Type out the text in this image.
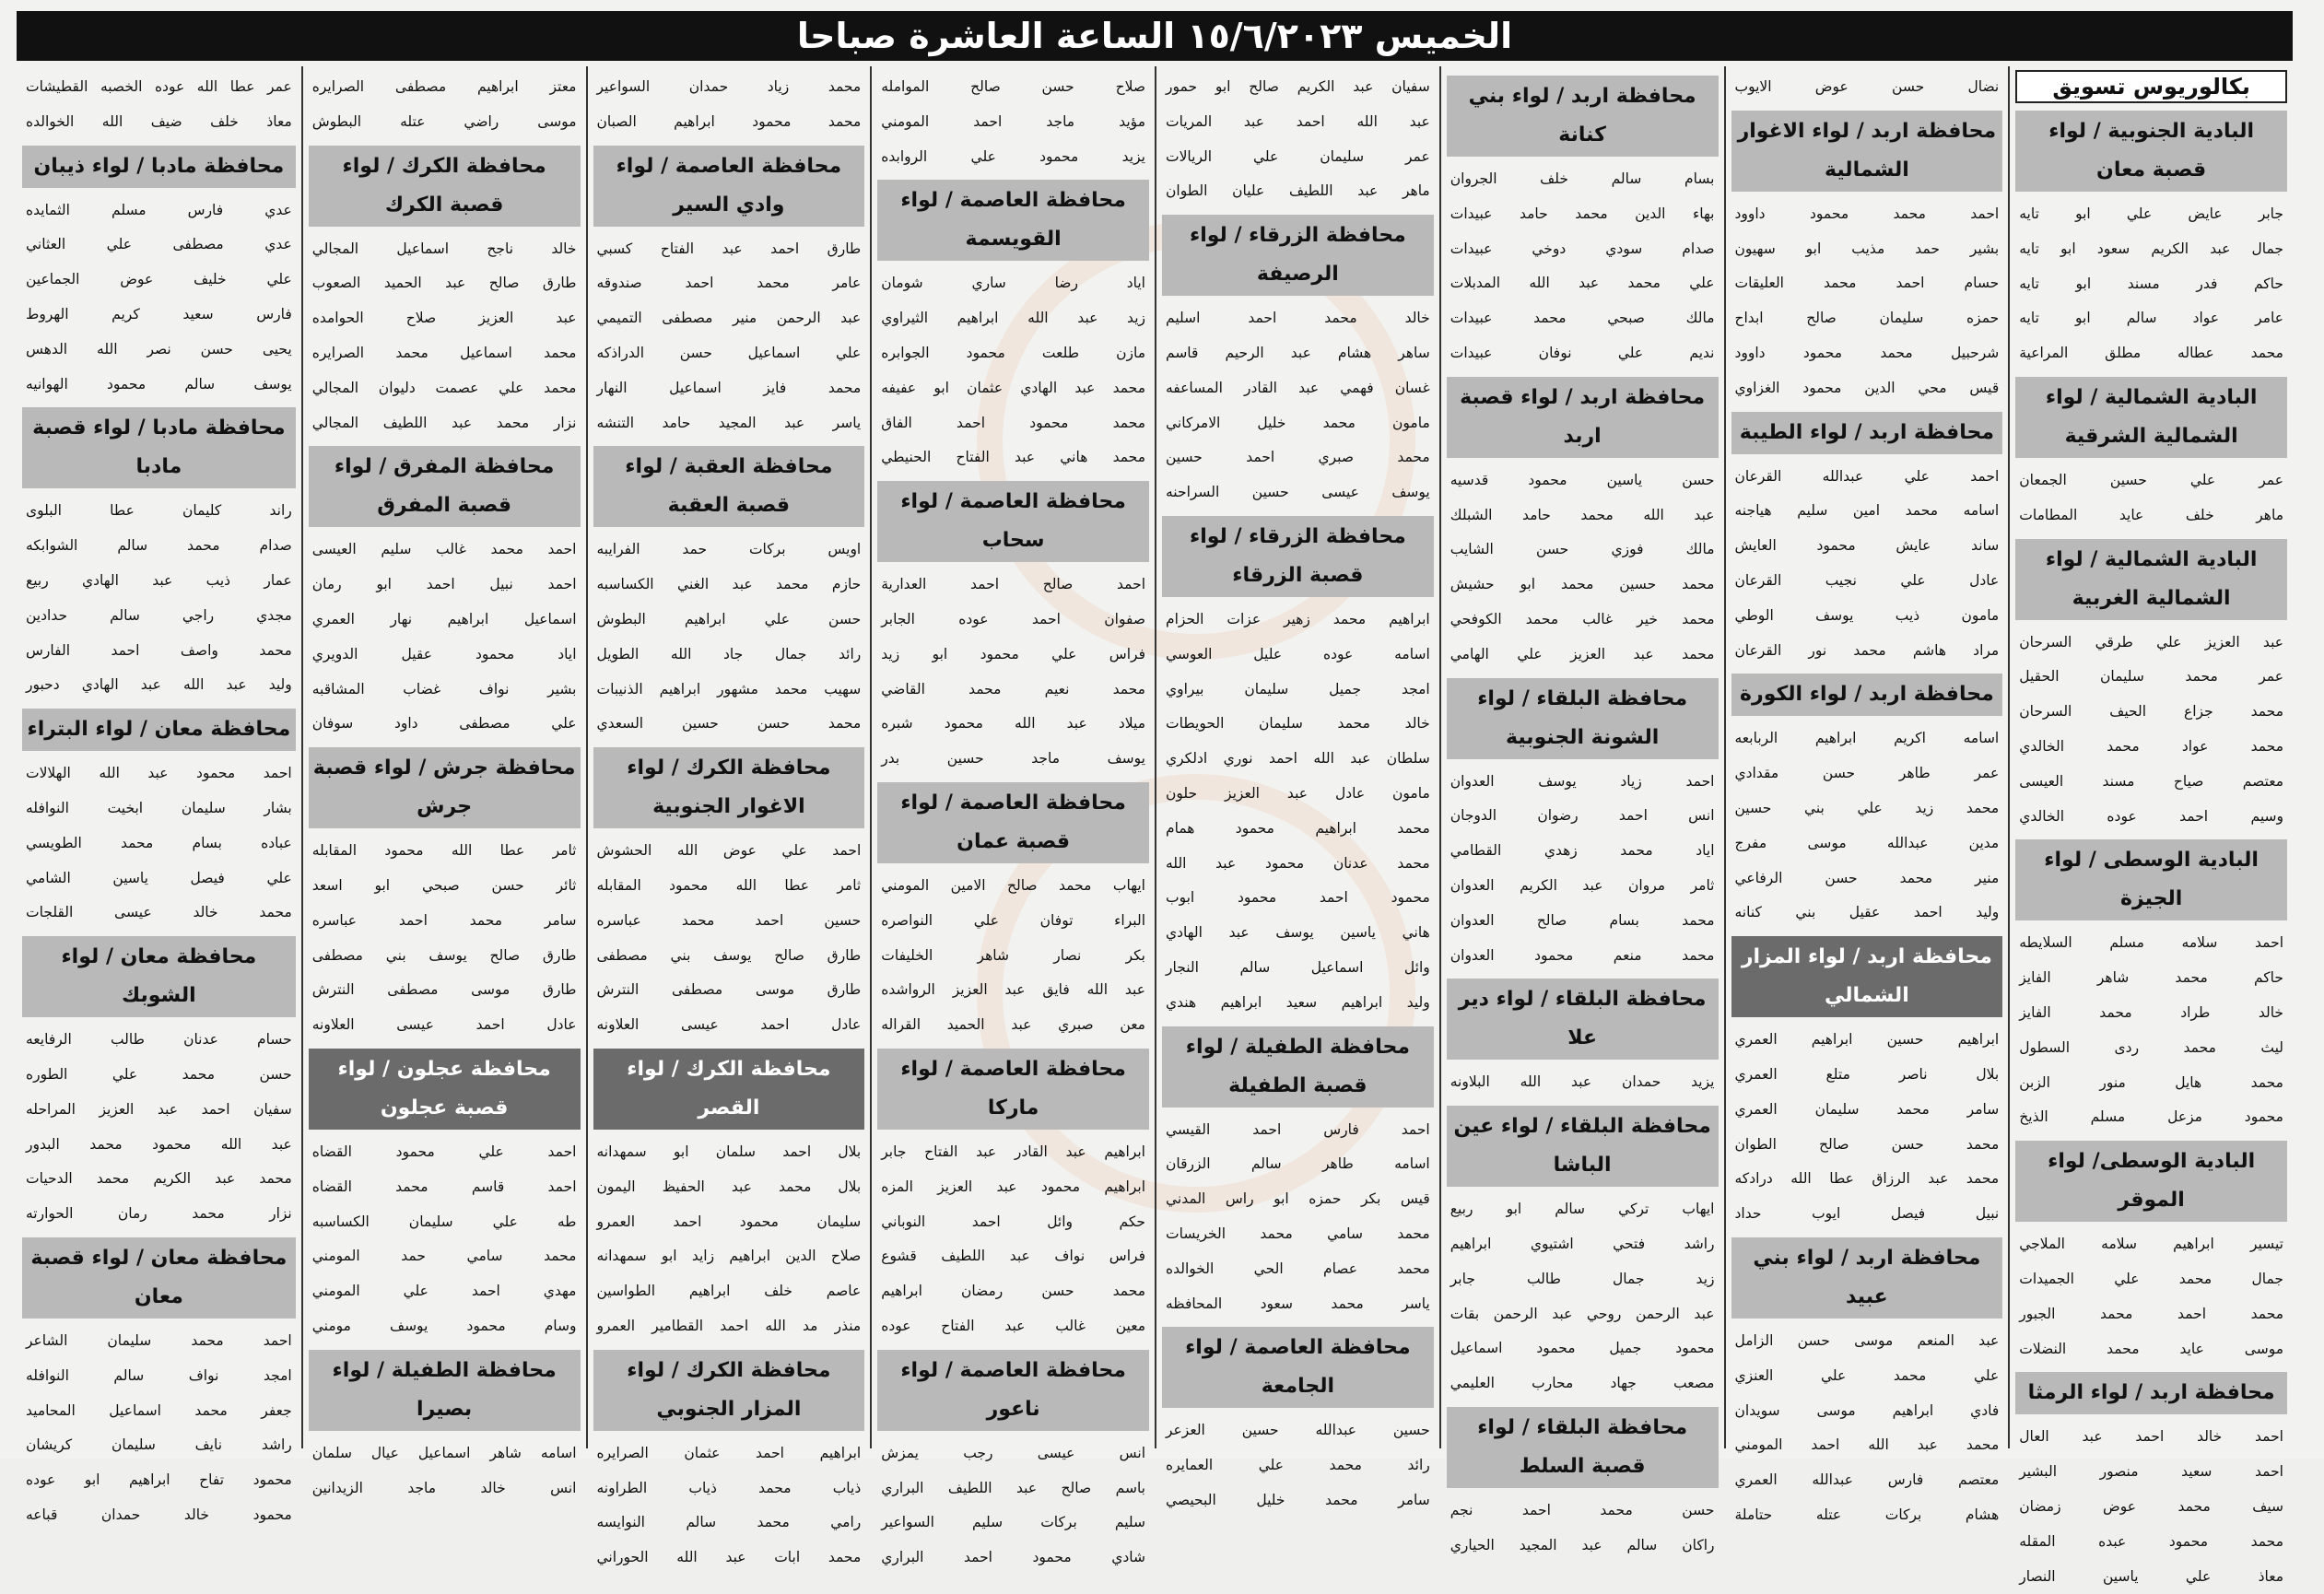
الخميس ١٥/٦/٢٠٢٣ الساعة العاشرة صباحا
بكالوريوس تسويق
البادية الجنوبية / لواء قصبة معان
جابر عايض علي ابو تايه
جمال عبد الكريم سعود ابو تايه
حاكم فدر مسند ابو تايه
عامر عواد سالم ابو تايه
محمد عطاله مطلق المراعية
البادية الشمالية / لواء الشمالية الشرقية
عمر علي حسين الجمعان
ماهر خلف عايد المطامات
البادية الشمالية / لواء الشمالية الغربية
عبد العزيز علي طرقي السرحان
عمر محمد سليمان الحقيل
محمد جزاع الحيف السرحان
محمد عواد محمد الخالدي
معتصم صياح مسند العيسى
وسيم احمد عوده الخالدي
البادية الوسطى / لواء الجيزة
احمد سلامه مسلم السلايطه
حاكم محمد شاهر الفايز
خالد طراد محمد الفايز
ليث محمد ردى السطول
محمد هايل منور الزبن
محمود مزعل مسلم الذيخ
البادية الوسطى/ لواء الموقر
تيسير ابراهيم سلامه الملاجي
جمال محمد علي الجميدات
محمد احمد محمد الجبور
موسى عايد محمد النضلات
محافظة اربد / لواء الرمثا
احمد خالد احمد عبد العال
احمد سعيد منصور البشير
سيف محمد عوض زمضان
محمد محمود عبده المقله
معاذ علي ياسين النصار
نضال حسن عوض الايوب
محافظة اربد / لواء الاغوار الشمالية
احمد محمد محمود داوود
بشير حمد مذيب ابو سهيون
حسام احمد محمد العليقات
حمزه سليمان صالح ابداح
شرحبيل محمد محمود داوود
قيس محي الدين محمود الغزاوي
محافظة اربد / لواء الطيبة
احمد علي عبدالله القرعان
اسامه محمد امين سليم هياجنه
ساند عايش محمود العايش
عادل علي نجيب القرعان
مامون ذيب يوسف الوطي
مراد هاشم محمد نور القرعان
محافظة اربد / لواء الكورة
اسامه اكريم ابراهيم الربابعه
عمر طاهر حسن مقدادي
محمد زيد علي بني حسين
مدين عبدالله موسى مفرج
منير محمد حسن الرفاعي
وليد احمد عقيل بني كنانه
محافظة اربد / لواء المزار الشمالي
ابراهيم حسين ابراهيم العمري
بلال ناصر متلع العمري
سامر محمد سليمان العمري
محمد حسن صالح الطوان
محمد عبد الرزاق عطا الله درادكه
نبيل فيصل ايوب حداد
محافظة اربد / لواء بني عبيد
عبد المنعم موسى حسن الزامل
علي محمد علي العنزي
فادي ابراهيم موسى سويدان
محمد عبد الله احمد المومني
معتصم فارس عبدالله العمري
هشام بركات عتله حتاملة
محافظة اربد / لواء بني كنانة
بسام سالم خلف الجروان
بهاء الدين محمد حامد عبيدات
صدام سودي دوخي عبيدات
علي محمد عبد الله المدبلات
مالك صبحي محمد عبيدات
نديم علي نوفان عبيدات
محافظة اربد / لواء قصبة اربد
حسن ياسين محمود قدسيه
عبد الله محمد حامد الشبلك
مالك فوزي حسن الشايب
محمد حسين محمد ابو حشيش
محمد خير غالب محمد الكوفحي
محمد عبد العزيز علي الهامي
محافظة البلقاء / لواء الشونة الجنوبية
احمد زياد يوسف العدوان
انس احمد رضوان الدوجان
اياد محمد زهدي القطامي
ثامر مروان عبد الكريم العدوان
محمد بسام صالح العدوان
محمد منعم محمود العدوان
محافظة البلقاء / لواء دير علا
يزيد حمدان عبد الله البلاونه
محافظة البلقاء / لواء عين الباشا
ايهاب تركي سالم ابو ربيع
راشد فتحي اشتيوي ابراهيم
زيد جمال طالب جابر
عبد الرحمن روحي عبد الرحمن بقات
محمود جميل محمود اسماعيل
مصعب جهاد محارب العليمي
محافظة البلقاء / لواء قصبة السلط
حسن محمد احمد نجم
راكان سالم عبد المجيد الحياري
سفيان عبد الكريم صالح ابو حمور
عبد الله احمد عبد المريات
عمر سليمان علي الريالات
ماهر عبد اللطيف عليان الطوان
محافظة الزرقاء / لواء الرصيفة
خالد محمد احمد اسليم
ساهر هشام عبد الرحيم قاسم
غسان فهمي عبد القادر المساعفه
مامون محمد خليل الامركاني
محمد صبري احمد حسين
يوسف عيسى حسين السراحنه
محافظة الزرقاء / لواء قصبة الزرقاء
ابراهيم محمد زهير عزات الحزام
اسامه عوده عليل العوسي
امجد جميل سليمان بيراوي
خالد محمد سليمان الحويطات
سلطان عبد الله احمد نوري ادلكري
مامون عادل عبد العزيز حلون
محمد ابراهيم محمود همام
محمد عدنان محمود عبد الله
محمود احمد محمود ابوب
هاني ياسين يوسف عبد الهادي
وائل اسماعيل سالم النجار
وليد ابراهيم سعيد ابراهيم هندي
محافظة الطفيلة / لواء قصبة الطفيلة
احمد فارس احمد القيسي
اسامه طاهر سالم الزرقان
قيس بكر حمزه ابو راس المدني
محمد سامي محمد الخريسات
محمد عصام الحي الخوالده
ياسر محمد سعود المحافظه
محافظة العاصمة / لواء الجامعة
حسين عبدالله حسين العزعر
رائد محمد علي العمايره
سامر محمد خليل البحيصي
صلاح حسن صالح الموامله
مؤيد ماجد احمد المومني
يزيد محمود علي الروابده
محافظة العاصمة / لواء القويسمة
اياد رضا ساري شومان
زيد عبد الله ابراهيم الثيراوي
مازن طلعت محمود الجوابره
محمد عبد الهادي عثمان ابو عفيفه
محمد محمود احمد الفاق
محمد هاني عبد الفتاح الحنيطي
محافظة العاصمة / لواء سحاب
احمد صالح احمد العدارية
صفوان احمد عوده الجابر
فراس علي محمود ابو زيد
محمد نعيم محمد القاضي
ميلاد عبد الله محمود شبره
يوسف ماجد حسين بدر
محافظة العاصمة / لواء قصبة عمان
ايهاب محمد صالح الامين المومني
البراء توفان علي النواصره
بكر نصار شاهر الخليفات
عبد الله فايق عبد العزيز الرواشده
معن صبري عبد الحميد القراله
محافظة العاصمة / لواء ماركا
ابراهيم عبد القادر عبد الفتاح جابر
ابراهيم محمود عبد العزيز المزه
حكم وائل احمد النوباني
فراس نواف عبد اللطيف قشوع
محمد حسن رمضان ابراهيم
معين غالب عبد الفتاح عوده
محافظة العاصمة / لواء ناعور
انس عيسى رجب يمزش
باسم صالح عبد اللطيف البراري
سليم بركات سليم السواعير
شادي محمود احمد البراري
محمد زياد حمدان السواعير
محمد محمود ابراهيم الصبان
محافظة العاصمة / لواء وادي السير
طارق احمد عبد الفتاح كسبي
عامر محمد احمد صندوقه
عبد الرحمن منير مصطفى التميمي
علي اسماعيل حسن الدراذكه
محمد فايز اسماعيل النهار
ياسر عبد المجيد حامد التنشه
محافظة العقبة / لواء قصبة العقبة
اويس بركات حمد الفرايبه
حازم محمد عبد الغني الكساسبه
حسن علي ابراهيم البطوش
رائد جمال جاد الله الطويل
سهيب محمد مشهور ابراهيم الذنيبات
محمد حسن حسين السعدي
محافظة الكرك / لواء الاغوار الجنوبية
احمد علي عوض الله الحشوش
ثامر عطا الله محمود المقابله
حسين احمد محمد عباسره
طارق صالح يوسف بني مصطفى
طارق موسى مصطفى النترش
عادل احمد عيسى العلاونه
محافظة الكرك / لواء القصر
بلال احمد سلمان ابو سمهدانه
بلال محمد عبد الحفيظ اليمون
سليمان محمود احمد العمرو
صلاح الدين ابراهيم زايد ابو سمهدانه
عاصم خلف ابراهيم الطواسين
منذر مد الله احمد القطامير العمرو
محافظة الكرك / لواء المزار الجنوبي
ابراهيم احمد عثمان الصرايره
ذياب محمد ذياب الطراونه
رامي محمد سالم النوايسه
محمد ابات عبد الله الحوراني
معتز ابراهيم مصطفى الصرايره
موسى راضي عتله البطوش
محافظة الكرك / لواء قصبة الكرك
خالد ناجح اسماعيل المجالي
طارق صالح عبد الحميد الصعوب
عبد العزيز صلاح الحوامده
محمد اسماعيل محمد الصرايره
محمد علي عصمت دليوان المجالي
نزار محمد عبد اللطيف المجالي
محافظة المفرق / لواء قصبة المفرق
احمد محمد غالب سليم العيسى
احمد نبيل احمد ابو رمان
اسماعيل ابراهيم نهار العمري
اياد محمود عقيل الدويري
بشير نواف غضاب المشاقبه
علي مصطفى داود سوفان
محافظة جرش / لواء قصبة جرش
ثامر عطا الله محمود المقابله
ثائر حسن صبحي ابو اسعد
سامر محمد احمد عباسره
طارق صالح يوسف بني مصطفى
طارق موسى مصطفى النترش
عادل احمد عيسى العلاونه
محافظة عجلون / لواء قصبة عجلون
احمد علي محمود القضاه
احمد قاسم محمد القضاه
طه علي سليمان الكساسبه
محمد سامي حمد المومني
مهدي احمد علي المومني
وسام محمود يوسف مومني
محافظة الطفيلة / لواء بصيرا
اسامه شاهر اسماعيل عيال سلمان
انس خالد ماجد الزيدانين
عمر عطا الله عوده الخصبه القطيشات
معاذ خلف ضيف الله الخوالده
محافظة مادبا / لواء ذيبان
عدي فارس مسلم الثمايده
عدي مصطفى علي العثاني
علي خليف عوض الجماعين
فارس سعيد كريم الهروط
يحيى حسن نصر الله الدهس
يوسف سالم محمود الهوانيه
محافظة مادبا / لواء قصبة مادبا
راند كليمان عطا البلوى
صدام محمد سالم الشوابكه
عمار ذيب عبد الهادي ربيع
مجدي راجي سالم حدادين
محمد واصف احمد الفارس
وليد عبد الله عبد الهادي دحبور
محافظة معان / لواء البتراء
احمد محمود عبد الله الهلالات
بشار سليمان ابخيت النوافله
عباده بسام محمد الطويسي
علي فيصل ياسين الشامي
محمد خالد عيسى القلجات
محافظة معان / لواء الشوبك
حسام عدنان طالب الرفايعه
حسن محمد علي الطوره
سفيان احمد عبد العزيز المراحله
عبد الله محمود محمد البدور
محمد عبد الكريم محمد الدحيات
نزار محمد رمان الحوارته
محافظة معان / لواء قصبة معان
احمد محمد سليمان الشاعر
امجد نواف سالم النوافله
جعفر محمد اسماعيل المحاميد
راشد نايف سليمان كريشان
محمود تفاح ابراهيم ابو عوده
محمود خالد حمدان قباعه
